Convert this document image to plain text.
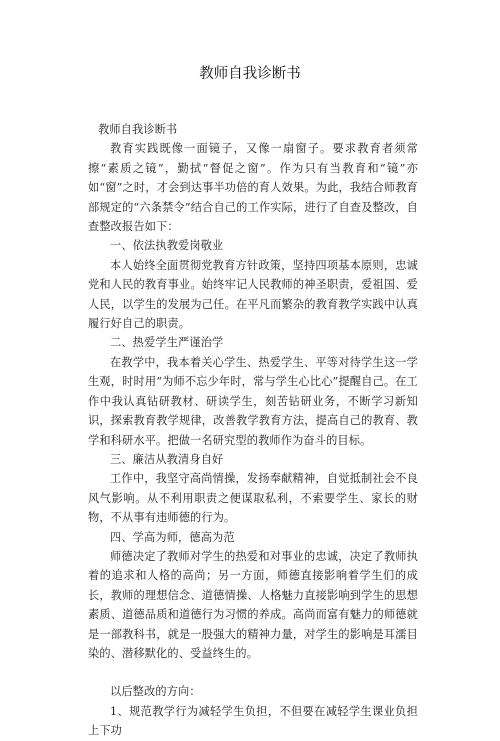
教师自我诊断书

教师自我诊断书

教育实践既像一面镜子，又像一扇窗子。要求教育者须常擦“素质之镜”，勤拭“督促之窗”。作为只有当教育和“镜”亦如“窗”之时，才会到达事半功倍的育人效果。为此，我结合师教育部规定的“六条禁令”结合自己的工作实际，进行了自查及整改，自查整改报告如下：

一、依法执教爱岗敬业

本人始终全面贯彻党教育方针政策，坚持四项基本原则，忠诚党和人民的教育事业。始终牢记人民教师的神圣职责，爱祖国、爱人民，以学生的发展为己任。在平凡而繁杂的教育教学实践中认真履行好自己的职责。

二、热爱学生严谨治学

在教学中，我本着关心学生、热爱学生、平等对待学生这一学生观，时时用“为师不忘少年时，常与学生心比心”提醒自己。在工作中我认真钻研教材、研读学生，刻苦钻研业务，不断学习新知识，探索教育教学规律，改善教学教育方法，提高自己的教育、教学和科研水平。把做一名研究型的教师作为奋斗的目标。

三、廉洁从教清身自好

工作中，我坚守高尚情操，发扬奉献精神，自觉抵制社会不良风气影响。从不利用职责之便谋取私利，不索要学生、家长的财物，不从事有违师德的行为。

四、学高为师，德高为范

师德决定了教师对学生的热爱和对事业的忠诚，决定了教师执着的追求和人格的高尚；另一方面，师德直接影响着学生们的成长，教师的理想信念、道德情操、人格魅力直接影响到学生的思想素质、道德品质和道德行为习惯的养成。高尚而富有魅力的师德就是一部教科书，就是一股强大的精神力量，对学生的影响是耳濡目染的、潜移默化的、受益终生的。

以后整改的方向：

1、规范教学行为减轻学生负担，不但要在减轻学生课业负担上下功
